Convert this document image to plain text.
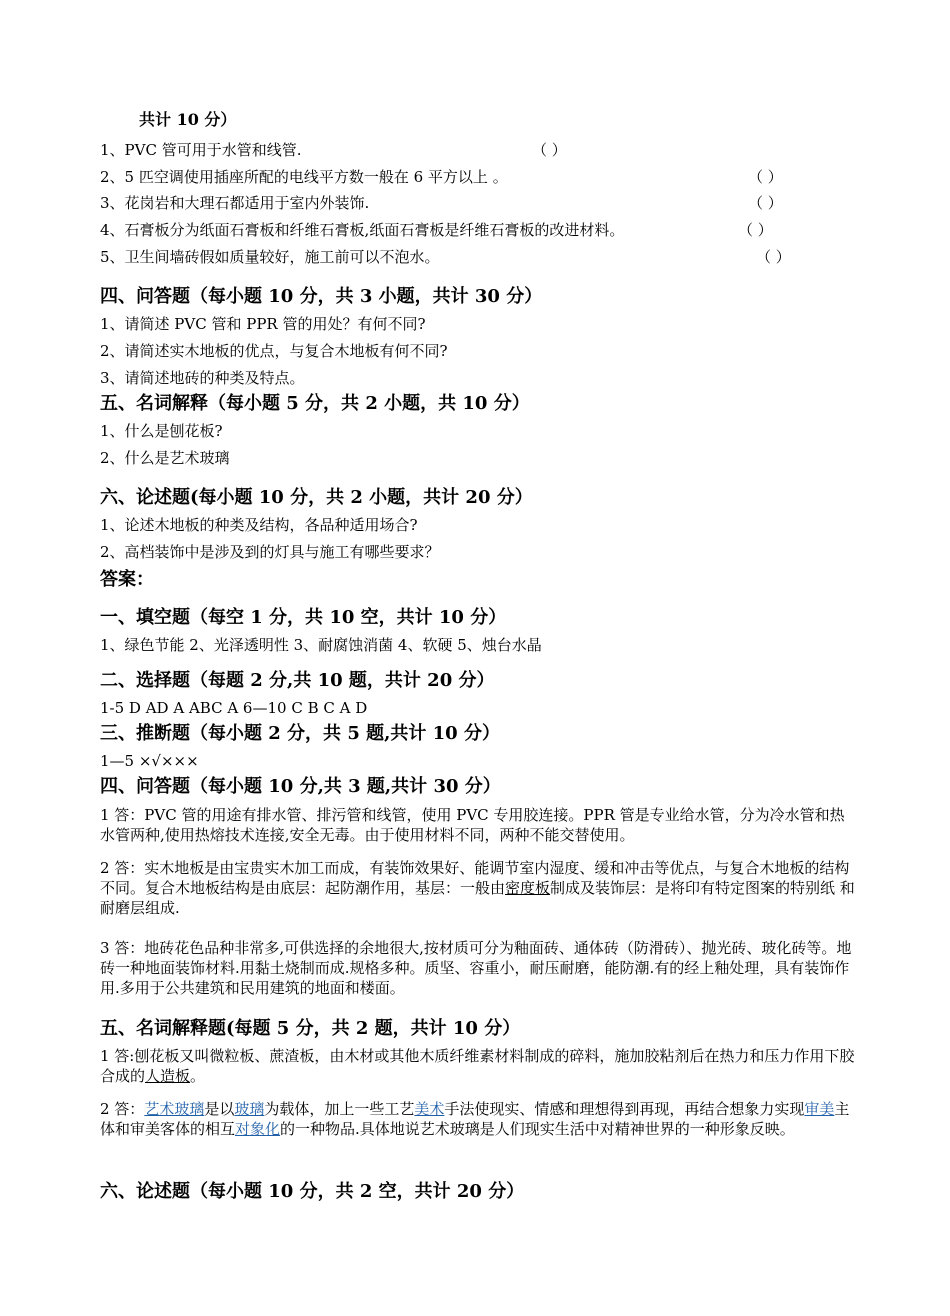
共计 10 分）
1、PVC 管可用于水管和线管.	（ ）
2、5 匹空调使用插座所配的电线平方数一般在 6 平方以上 。	（ ）
3、花岗岩和大理石都适用于室内外装饰.	（ ）
4、石膏板分为纸面石膏板和纤维石膏板,纸面石膏板是纤维石膏板的改进材料。	（ ）
5、卫生间墙砖假如质量较好，施工前可以不泡水。	（ ）
四、问答题（每小题 10 分，共 3 小题，共计 30 分）
1、请简述 PVC 管和 PPR 管的用处？有何不同?
2、请简述实木地板的优点，与复合木地板有何不同?
3、请简述地砖的种类及特点。
五、名词解释（每小题 5 分，共 2 小题，共 10 分）
1、什么是刨花板?
2、什么是艺术玻璃
六、论述题(每小题 10 分，共 2 小题，共计 20 分）
1、论述木地板的种类及结构，各品种适用场合?
2、高档装饰中是涉及到的灯具与施工有哪些要求？
答案：
一、填空题（每空 1 分，共 10 空，共计 10 分）
1、绿色节能 2、光泽透明性 3、耐腐蚀消菌 4、软硬 5、烛台水晶
二、选择题（每题 2 分,共 10 题，共计 20 分）
1-5 D AD A ABC A 6—10 C B C A D
三、推断题（每小题 2 分，共 5 题,共计 10 分）
1—5 ×√×××
四、问答题（每小题 10 分,共 3 题,共计 30 分）
1 答：PVC 管的用途有排水管、排污管和线管，使用 PVC 专用胶连接。PPR 管是专业给水管，分为冷水管和热水管两种,使用热熔技术连接,安全无毒。由于使用材料不同，两种不能交替使用。
2 答：实木地板是由宝贵实木加工而成，有装饰效果好、能调节室内湿度、缓和冲击等优点，与复合木地板的结构不同。复合木地板结构是由底层：起防潮作用，基层：一般由密度板制成及装饰层：是将印有特定图案的特别纸 和耐磨层组成.
3 答：地砖花色品种非常多,可供选择的余地很大,按材质可分为釉面砖、通体砖（防滑砖）、抛光砖、玻化砖等。地砖一种地面装饰材料.用黏土烧制而成.规格多种。质坚、容重小，耐压耐磨，能防潮.有的经上釉处理，具有装饰作用.多用于公共建筑和民用建筑的地面和楼面。
五、名词解释题(每题 5 分，共 2 题，共计 10 分）
1 答:刨花板又叫微粒板、蔗渣板，由木材或其他木质纤维素材料制成的碎料，施加胶粘剂后在热力和压力作用下胶合成的人造板。
2 答：艺术玻璃是以玻璃为载体，加上一些工艺美术手法使现实、情感和理想得到再现，再结合想象力实现审美主体和审美客体的相互对象化的一种物品.具体地说艺术玻璃是人们现实生活中对精神世界的一种形象反映。
六、论述题（每小题 10 分，共 2 空，共计 20 分）
